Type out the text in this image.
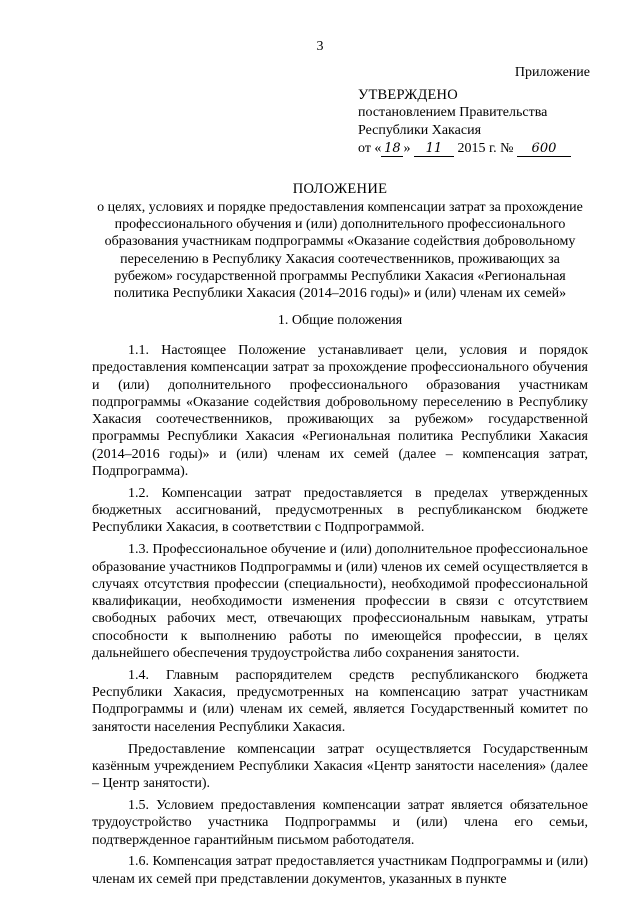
3
Приложение
УТВЕРЖДЕНО
постановлением Правительства
Республики Хакасия
от « 18 » 11 2015 г. № 600
ПОЛОЖЕНИЕ
о целях, условиях и порядке предоставления компенсации затрат за прохождение профессионального обучения и (или) дополнительного профессионального образования участникам подпрограммы «Оказание содействия добровольному переселению в Республику Хакасия соотечественников, проживающих за рубежом» государственной программы Республики Хакасия «Региональная политика Республики Хакасия (2014–2016 годы)» и (или) членам их семей»
1. Общие положения

1.1. Настоящее Положение устанавливает цели, условия и порядок предоставления компенсации затрат за прохождение профессионального обучения и (или) дополнительного профессионального образования участникам подпрограммы «Оказание содействия добровольному переселению в Республику Хакасия соотечественников, проживающих за рубежом» государственной программы Республики Хакасия «Региональная политика Республики Хакасия (2014–2016 годы)» и (или) членам их семей (далее – компенсация затрат, Подпрограмма).

1.2. Компенсации затрат предоставляется в пределах утвержденных бюджетных ассигнований, предусмотренных в республиканском бюджете Республики Хакасия, в соответствии с Подпрограммой.

1.3. Профессиональное обучение и (или) дополнительное профессиональное образование участников Подпрограммы и (или) членов их семей осуществляется в случаях отсутствия профессии (специальности), необходимой профессиональной квалификации, необходимости изменения профессии в связи с отсутствием свободных рабочих мест, отвечающих профессиональным навыкам, утраты способности к выполнению работы по имеющейся профессии, в целях дальнейшего обеспечения трудоустройства либо сохранения занятости.

1.4. Главным распорядителем средств республиканского бюджета Республики Хакасия, предусмотренных на компенсацию затрат участникам Подпрограммы и (или) членам их семей, является Государственный комитет по занятости населения Республики Хакасия.

Предоставление компенсации затрат осуществляется Государственным казённым учреждением Республики Хакасия «Центр занятости населения» (далее – Центр занятости).

1.5. Условием предоставления компенсации затрат является обязательное трудоустройство участника Подпрограммы и (или) члена его семьи, подтвержденное гарантийным письмом работодателя.

1.6. Компенсация затрат предоставляется участникам Подпрограммы и (или) членам их семей при представлении документов, указанных в пункте
